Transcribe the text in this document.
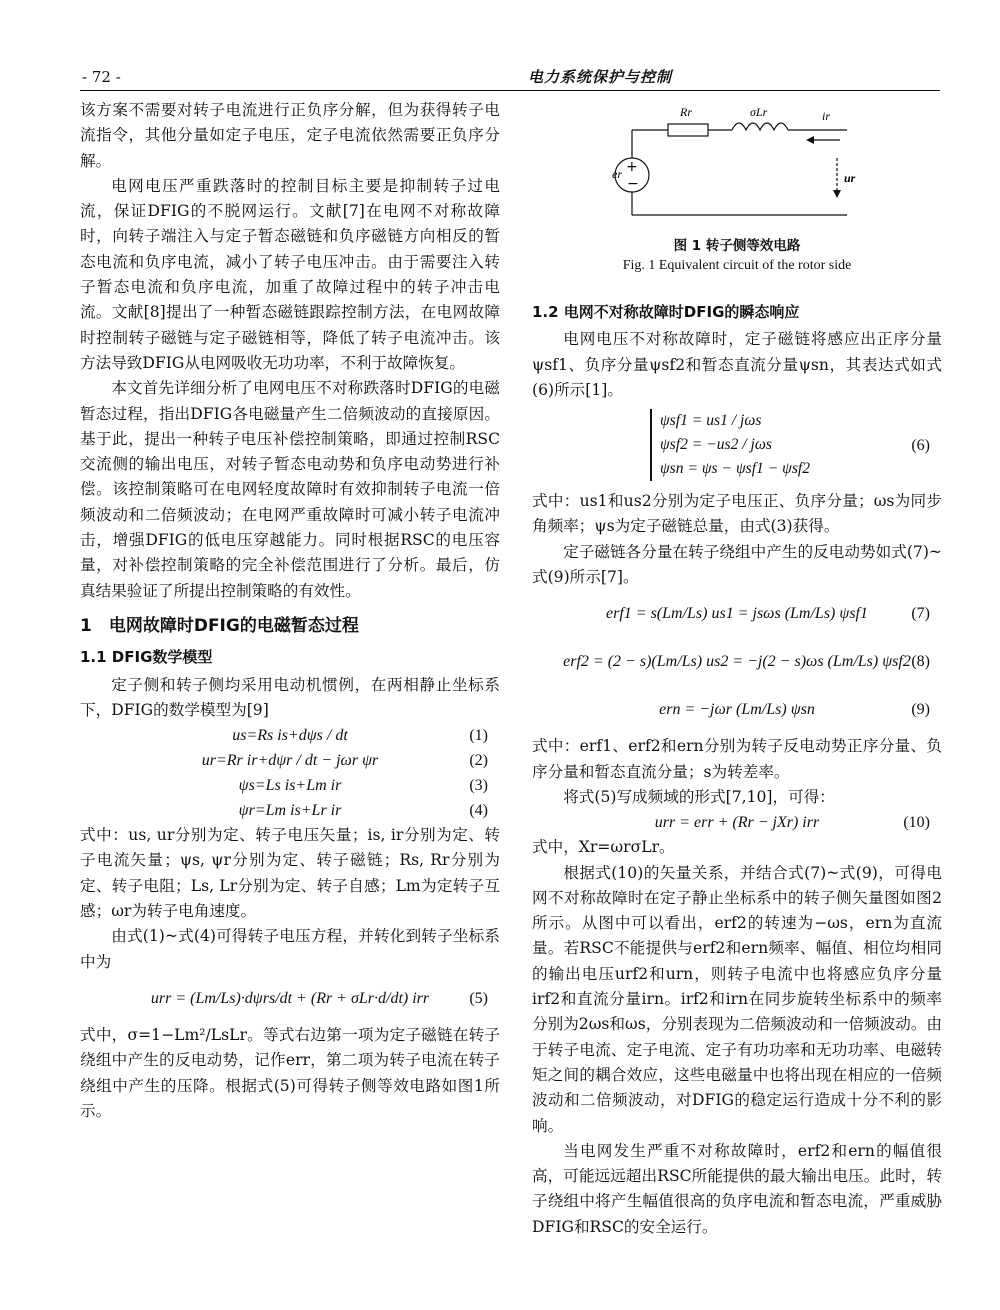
- 72 -	电力系统保护与控制

该方案不需要对转子电流进行正负序分解，但为获得转子电流指令，其他分量如定子电压，定子电流依然需要正负序分解。

电网电压严重跌落时的控制目标主要是抑制转子过电流，保证DFIG的不脱网运行。文献[7]在电网不对称故障时，向转子端注入与定子暂态磁链和负序磁链方向相反的暂态电流和负序电流，减小了转子电压冲击。由于需要注入转子暂态电流和负序电流，加重了故障过程中的转子冲击电流。文献[8]提出了一种暂态磁链跟踪控制方法，在电网故障时控制转子磁链与定子磁链相等，降低了转子电流冲击。该方法导致DFIG从电网吸收无功功率，不利于故障恢复。

本文首先详细分析了电网电压不对称跌落时DFIG的电磁暂态过程，指出DFIG各电磁量产生二倍频波动的直接原因。基于此，提出一种转子电压补偿控制策略，即通过控制RSC交流侧的输出电压，对转子暂态电动势和负序电动势进行补偿。该控制策略可在电网轻度故障时有效抑制转子电流一倍频波动和二倍频波动；在电网严重故障时可减小转子电流冲击，增强DFIG的低电压穿越能力。同时根据RSC的电压容量，对补偿控制策略的完全补偿范围进行了分析。最后，仿真结果验证了所提出控制策略的有效性。

1　电网故障时DFIG的电磁暂态过程
1.1 DFIG数学模型

定子侧和转子侧均采用电动机惯例，在两相静止坐标系下，DFIG的数学模型为[9]

us=Rs is+dψs / dt	(1)
ur=Rr ir+dψr / dt − jωr ψr	(2)
ψs=Ls is+Lm ir	(3)
ψr=Lm is+Lr ir	(4)

式中：us, ur分别为定、转子电压矢量；is, ir分别为定、转子电流矢量；ψs, ψr分别为定、转子磁链；Rs, Rr分别为定、转子电阻；Ls, Lr分别为定、转子自感；Lm为定转子互感；ωr为转子电角速度。

由式(1)~式(4)可得转子电压方程，并转化到转子坐标系中为

urr = (Lm/Ls)·dψrs/dt + (Rr + σLr·d/dt) irr	(5)

式中，σ=1−Lm²/LsLr。等式右边第一项为定子磁链在转子绕组中产生的反电动势，记作err，第二项为转子电流在转子绕组中产生的压降。根据式(5)可得转子侧等效电路如图1所示。

+
−
Rr	σLr	ir
er	ur
图 1 转子侧等效电路
Fig. 1 Equivalent circuit of the rotor side
1.2 电网不对称故障时DFIG的瞬态响应

电网电压不对称故障时，定子磁链将感应出正序分量ψsf1、负序分量ψsf2和暂态直流分量ψsn，其表达式如式(6)所示[1]。

ψsf1 = us1 / jωs
ψsf2 = −us2 / jωs
ψsn = ψs − ψsf1 − ψsf2
(6)

式中：us1和us2分别为定子电压正、负序分量；ωs为同步角频率；ψs为定子磁链总量，由式(3)获得。

定子磁链各分量在转子绕组中产生的反电动势如式(7)~式(9)所示[7]。

erf1 = s(Lm/Ls) us1 = jsωs (Lm/Ls) ψsf1	(7)
erf2 = (2 − s)(Lm/Ls) us2 = −j(2 − s)ωs (Lm/Ls) ψsf2 (8)
ern = −jωr (Lm/Ls) ψsn	(9)

式中：erf1、erf2和ern分别为转子反电动势正序分量、负序分量和暂态直流分量；s为转差率。

将式(5)写成频域的形式[7,10]，可得：

urr = err + (Rr − jXr) irr	(10)

式中，Xr=ωrσLr。

根据式(10)的矢量关系，并结合式(7)~式(9)，可得电网不对称故障时在定子静止坐标系中的转子侧矢量图如图2所示。从图中可以看出，erf2的转速为−ωs，ern为直流量。若RSC不能提供与erf2和ern频率、幅值、相位均相同的输出电压urf2和urn，则转子电流中也将感应负序分量irf2和直流分量irn。irf2和irn在同步旋转坐标系中的频率分别为2ωs和ωs，分别表现为二倍频波动和一倍频波动。由于转子电流、定子电流、定子有功功率和无功功率、电磁转矩之间的耦合效应，这些电磁量中也将出现在相应的一倍频波动和二倍频波动，对DFIG的稳定运行造成十分不利的影响。

当电网发生严重不对称故障时，erf2和ern的幅值很高，可能远远超出RSC所能提供的最大输出电压。此时，转子绕组中将产生幅值很高的负序电流和暂态电流，严重威胁DFIG和RSC的安全运行。
